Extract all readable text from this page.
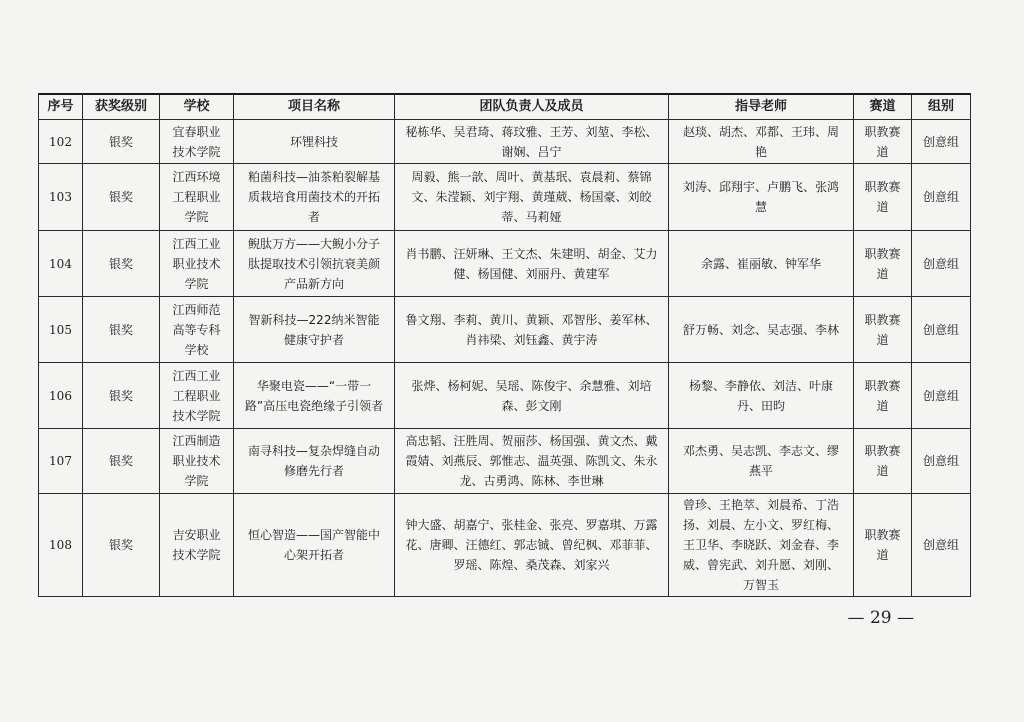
序号	获奖级别	学校	项目名称	团队负责人及成员	指导老师	赛道	组别
102	银奖	宜春职业技术学院	环锂科技	秘栋华、吴君琦、蒋玟雅、王芳、刘堃、李松、谢娴、吕宁	赵琰、胡杰、邓都、王玮、周艳	职教赛道	创意组
103	银奖	江西环境工程职业学院	粕菌科技—油茶粕裂解基质栽培食用菌技术的开拓者	周毅、熊一歆、周叶、黄基珉、袁晨莉、蔡锦文、朱滢颖、刘宇翔、黄瑾葳、杨国豪、刘皎蒂、马莉娅	刘涛、邱翔宇、卢鹏飞、张鸿慧	职教赛道	创意组
104	银奖	江西工业职业技术学院	鲵肽万方——大鲵小分子肽提取技术引领抗衰美颜产品新方向	肖书鹏、汪妍琳、王文杰、朱建明、胡金、艾力健、杨国健、刘丽丹、黄建军	余露、崔丽敏、钟军华	职教赛道	创意组
105	银奖	江西师范高等专科学校	智新科技—222纳米智能健康守护者	鲁文翔、李莉、黄川、黄颖、邓智彤、姜军林、肖祎梁、刘钰鑫、黄宇涛	舒万畅、刘念、吴志强、李林	职教赛道	创意组
106	银奖	江西工业工程职业技术学院	华聚电瓷——“一带一路”高压电瓷绝缘子引领者	张烨、杨柯妮、吴瑶、陈俊宇、余慧雅、刘培森、彭文刚	杨黎、李静依、刘洁、叶康丹、田昀	职教赛道	创意组
107	银奖	江西制造职业技术学院	南寻科技—复杂焊缝自动修磨先行者	高忠韬、汪胜周、贺丽莎、杨国强、黄文杰、戴霞婧、刘燕辰、郭惟志、温英强、陈凯文、朱永龙、古勇鸿、陈林、李世琳	邓杰勇、吴志凯、李志文、缪燕平	职教赛道	创意组
108	银奖	吉安职业技术学院	恒心智造——国产智能中心架开拓者	钟大盛、胡嘉宁、张桂金、张亮、罗嘉琪、万露花、唐卿、汪德红、郭志铖、曾纪枫、邓菲菲、罗瑶、陈煌、桑茂森、刘家兴	曾珍、王艳萃、刘晨希、丁浩扬、刘晨、左小文、罗红梅、王卫华、李晓跃、刘金春、李威、曾宪武、刘升愿、刘刚、万智玉	职教赛道	创意组
— 29 —
